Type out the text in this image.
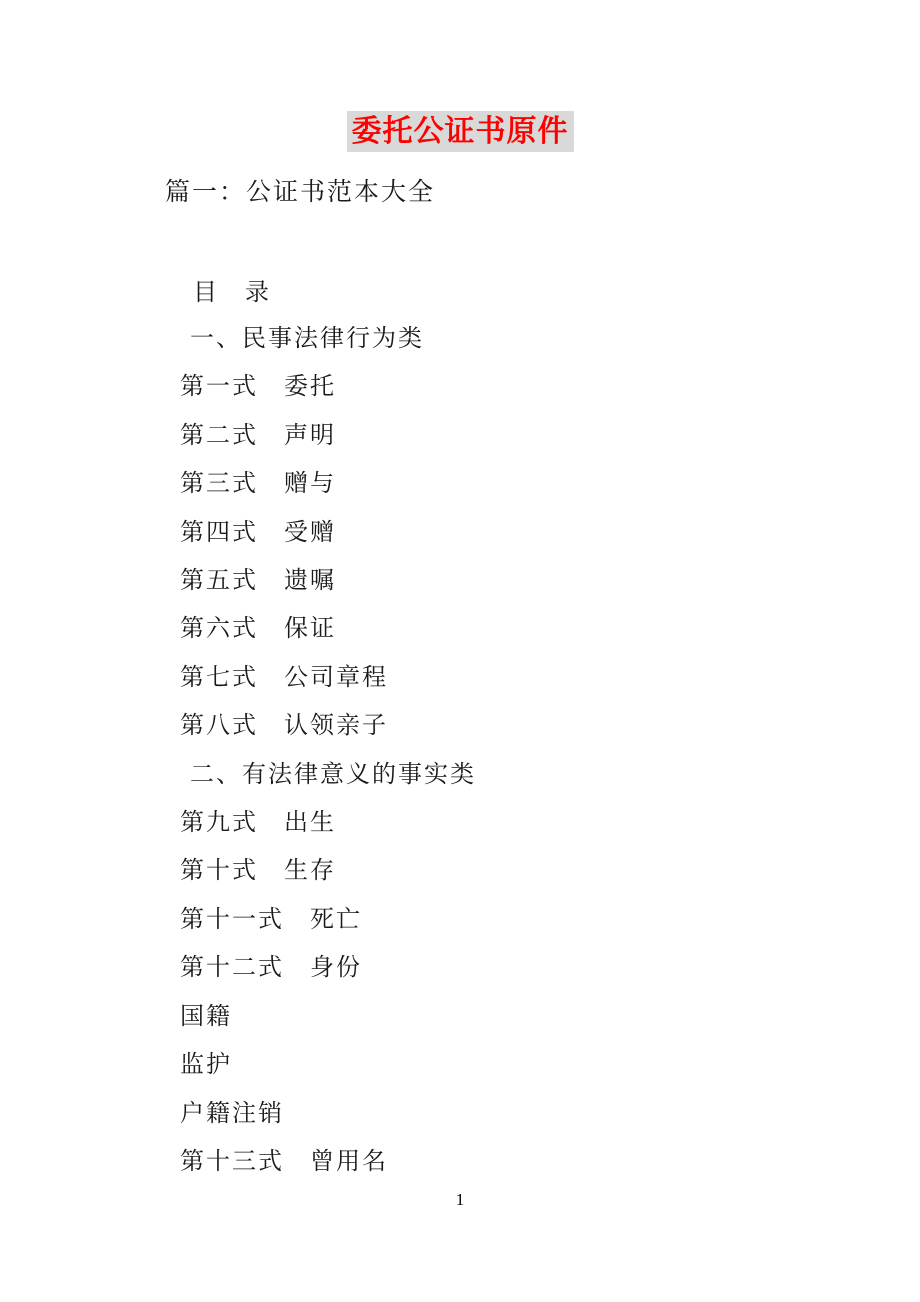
委托公证书原件

篇一：公证书范本大全

目　录

一、民事法律行为类
第一式　委托
第二式　声明
第三式　赠与
第四式　受赠
第五式　遗嘱
第六式　保证
第七式　公司章程
第八式　认领亲子
二、有法律意义的事实类
第九式　出生
第十式　生存
第十一式　死亡
第十二式　身份
国籍
监护
户籍注销
第十三式　曾用名
1
